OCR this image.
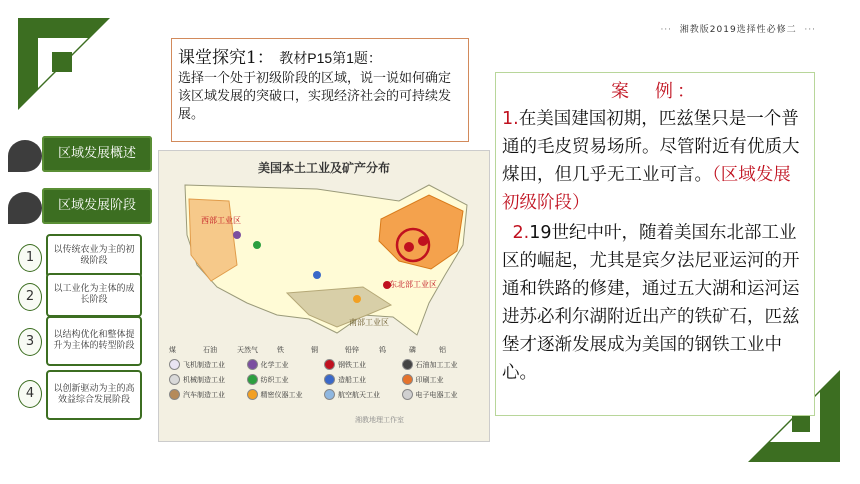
··· 湘教版2019选择性必修二 ···
区域发展概述
区域发展阶段
1
以传统农业为主的初级阶段
2
以工业化为主体的成长阶段
3	以结构优化和整体提升为主体的转型阶段
4	以创新驱动为主的高效益综合发展阶段
课堂探究1： 教材P15第1题：
选择一个处于初级阶段的区域，说一说如何确定该区域发展的突破口，实现经济社会的可持续发展。
美国本土工业及矿产分布
西部工业区
东北部工业区
南部工业区
煤	石油	天然气	铁	铜	铅锌	钨	磷	铝
飞机制造工业	化学工业	钢铁工业	石油加工工业
机械制造工业	纺织工业	造船工业	印刷工业
汽车制造工业	精密仪器工业	航空航天工业	电子电器工业
湘教地理工作室
案　例：

1.在美国建国初期，匹兹堡只是一个普通的毛皮贸易场所。尽管附近有优质大煤田，但几乎无工业可言。（区域发展初级阶段）

2.19世纪中叶，随着美国东北部工业区的崛起，尤其是宾夕法尼亚运河的开通和铁路的修建，通过五大湖和运河运进苏必利尔湖附近出产的铁矿石，匹兹堡才逐渐发展成为美国的钢铁工业中心。
